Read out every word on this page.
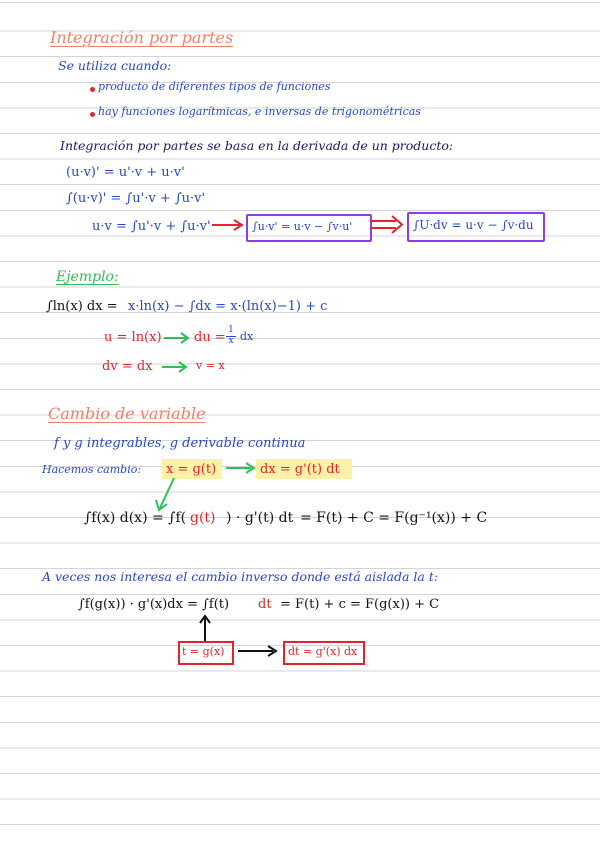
Integración por partes
Se utiliza cuando:
producto de diferentes tipos de funciones
hay funciones logarítmicas, e inversas de trigonométricas
Integración por partes se basa en la derivada de un producto:
(u·v)' = u'·v + u·v'
∫(u·v)' = ∫u'·v + ∫u·v'
u·v = ∫u'·v + ∫u·v'	∫u·v' = u·v − ∫v·u'	∫U·dv = u·v − ∫v·du
Ejemplo:
∫ln(x) dx = x·ln(x) − ∫dx = x·(ln(x)−1) + c
u = ln(x) du = $\frac{1}{x}$ dx
dv = dx	v = x
Cambio de variable
f y g integrables, g derivable continua
Hacemos cambio: x = g(t)	dx = g'(t) dt
∫f(x) d(x) = ∫f( g(t) ) · g'(t) dt = F(t) + C = F(g⁻¹(x)) + C
A veces nos interesa el cambio inverso donde está aislada la t:
∫f(g(x)) · g'(x)dx = ∫f(t) dt = F(t) + c = F(g(x)) + C
t = g(x)	dt = g'(x) dx
